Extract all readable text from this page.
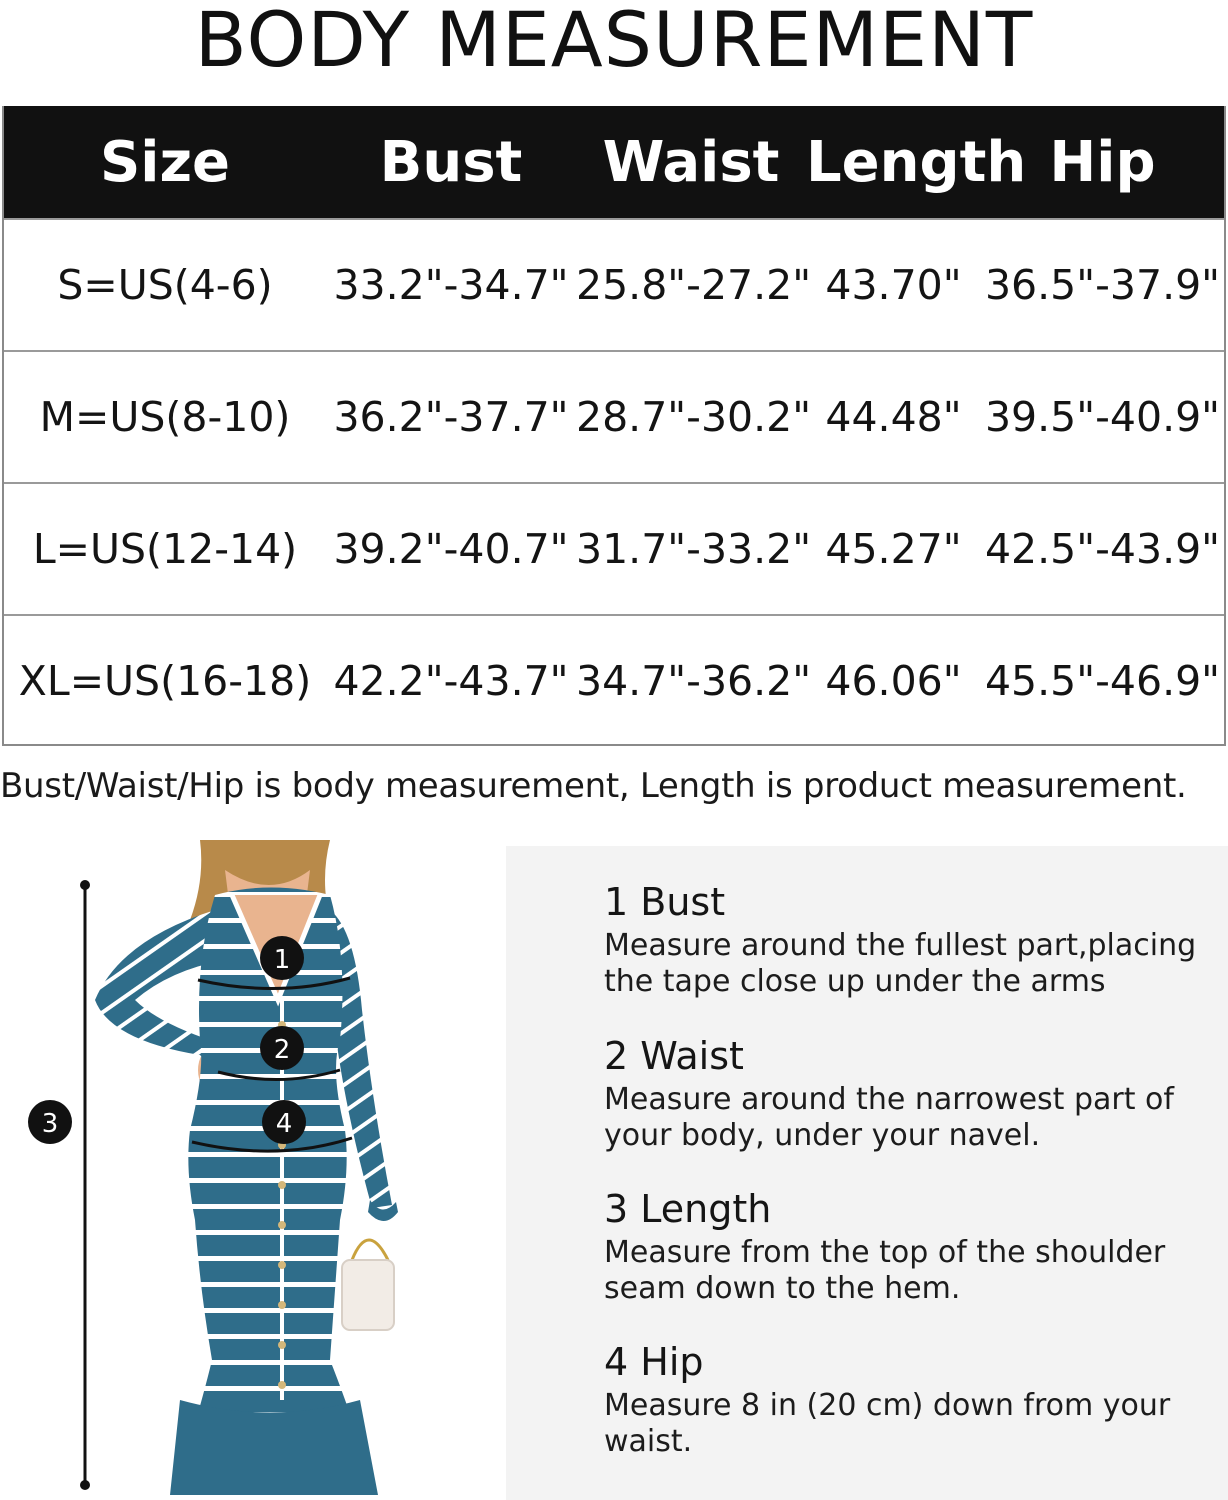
BODY MEASUREMENT
Size	Bust	Waist Length Hip
S=US(4-6)	33.2"-34.7" 25.8"-27.2" 43.70" 36.5"-37.9"
M=US(8-10)	36.2"-37.7" 28.7"-30.2" 44.48" 39.5"-40.9"
L=US(12-14) 39.2"-40.7" 31.7"-33.2" 45.27" 42.5"-43.9"
XL=US(16-18) 42.2"-43.7" 34.7"-36.2" 46.06" 45.5"-46.9"
Bust/Waist/Hip is body measurement, Length is product measurement.
1
2
4
3
1 Bust
Measure around the fullest part,placing the tape close up under the arms
2 Waist
Measure around the narrowest part of your body, under your navel.
3 Length
Measure from the top of the shoulder seam down to the hem.
4 Hip
Measure 8 in (20 cm) down from your waist.
